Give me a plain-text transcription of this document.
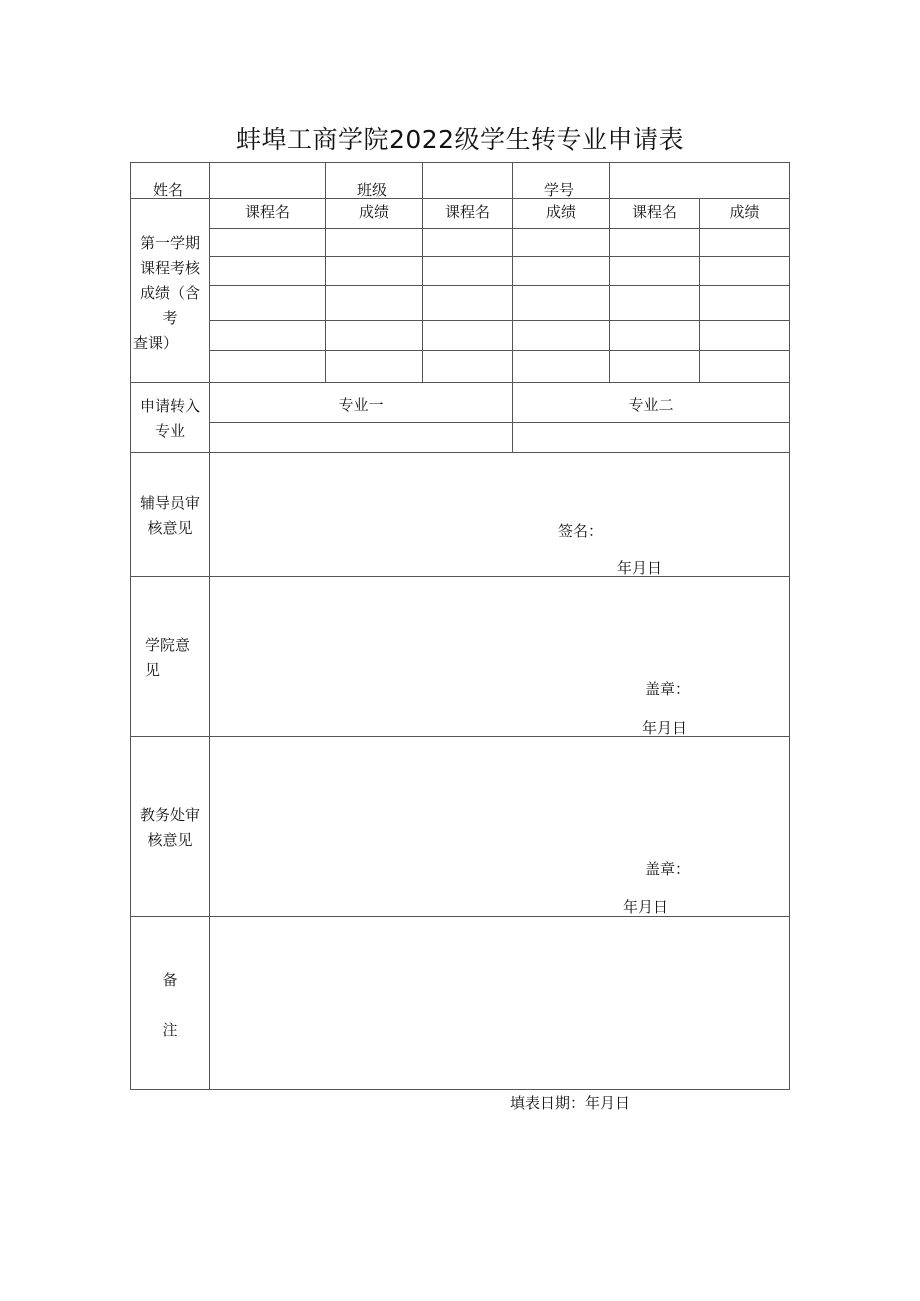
蚌埠工商学院2022级学生转专业申请表
姓名	班级	学号
第一学期
课程考核
成绩（含
考
查课）
课程名	成绩	课程名	成绩	课程名	成绩
申请转入
专业
专业一	专业二
辅导员审
核意见	签名：
年月日
学院意
见
盖章：
年月日
教务处审
核意见
盖章：
年月日
备
注
填表日期：年月日
